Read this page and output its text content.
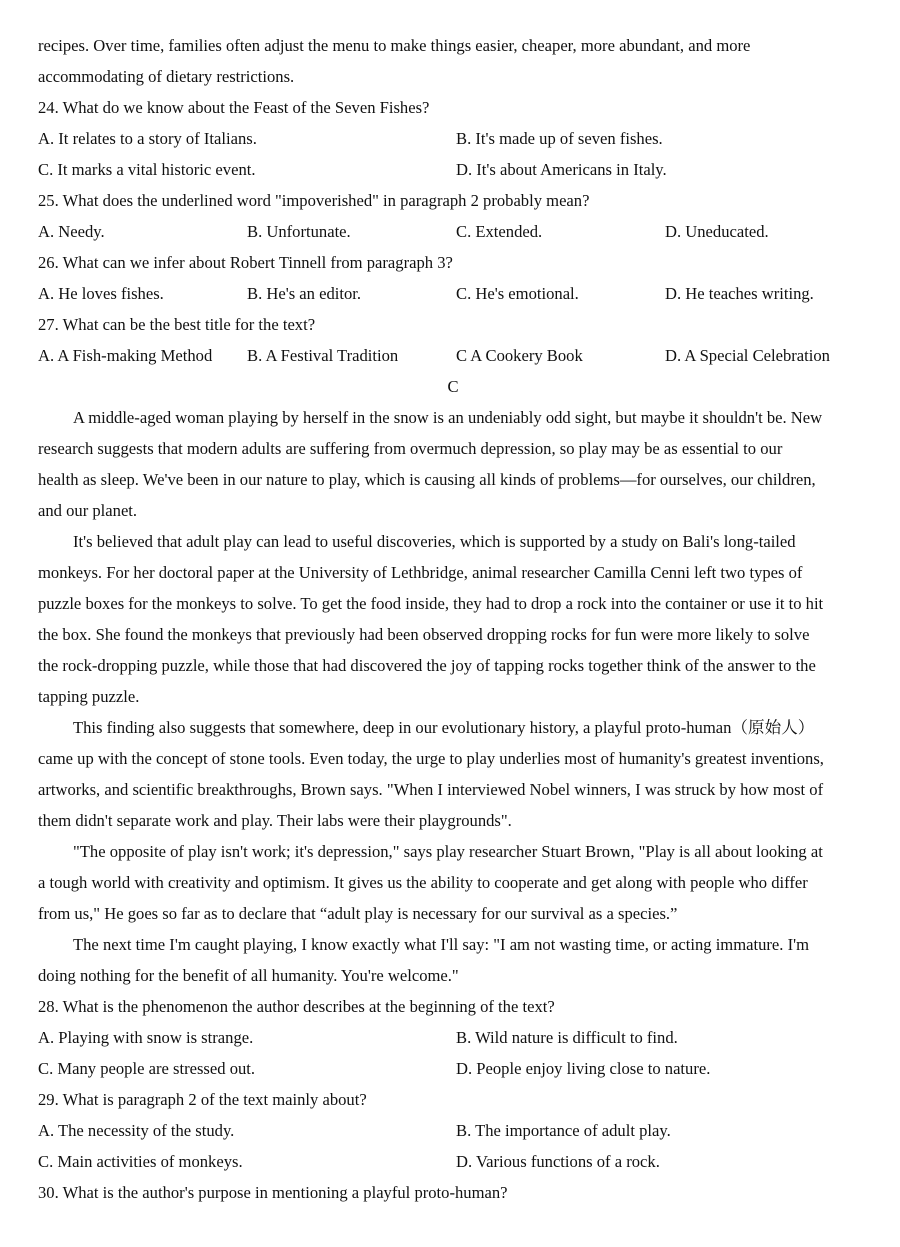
recipes. Over time, families often adjust the menu to make things easier, cheaper, more abundant, and more
accommodating of dietary restrictions.
24. What do we know about the Feast of the Seven Fishes?
A. It relates to a story of Italians.	B. It's made up of seven fishes.
C. It marks a vital historic event.	D. It's about Americans in Italy.
25. What does the underlined word "impoverished" in paragraph 2 probably mean?
A. Needy.	B. Unfortunate.	C. Extended.	D. Uneducated.
26. What can we infer about Robert Tinnell from paragraph 3?
A. He loves fishes.	B. He's an editor.	C. He's emotional.	D. He teaches writing.
27. What can be the best title for the text?
A. A Fish-making Method	B. A Festival Tradition	C A Cookery Book	D. A Special Celebration
C
A middle-aged woman playing by herself in the snow is an undeniably odd sight, but maybe it shouldn't be. New
research suggests that modern adults are suffering from overmuch depression, so play may be as essential to our
health as sleep. We've been in our nature to play, which is causing all kinds of problems—for ourselves, our children,
and our planet.
It's believed that adult play can lead to useful discoveries, which is supported by a study on Bali's long-tailed
monkeys. For her doctoral paper at the University of Lethbridge, animal researcher Camilla Cenni left two types of
puzzle boxes for the monkeys to solve. To get the food inside, they had to drop a rock into the container or use it to hit
the box. She found the monkeys that previously had been observed dropping rocks for fun were more likely to solve
the rock-dropping puzzle, while those that had discovered the joy of tapping rocks together think of the answer to the
tapping puzzle.
This finding also suggests that somewhere, deep in our evolutionary history, a playful proto-human（原始人）
came up with the concept of stone tools. Even today, the urge to play underlies most of humanity's greatest inventions,
artworks, and scientific breakthroughs, Brown says. "When I interviewed Nobel winners, I was struck by how most of
them didn't separate work and play. Their labs were their playgrounds".
"The opposite of play isn't work; it's depression," says play researcher Stuart Brown, "Play is all about looking at
a tough world with creativity and optimism. It gives us the ability to cooperate and get along with people who differ
from us," He goes so far as to declare that “adult play is necessary for our survival as a species.”
The next time I'm caught playing, I know exactly what I'll say: "I am not wasting time, or acting immature. I'm
doing nothing for the benefit of all humanity. You're welcome."
28. What is the phenomenon the author describes at the beginning of the text?
A. Playing with snow is strange.	B. Wild nature is difficult to find.
C. Many people are stressed out.	D. People enjoy living close to nature.
29. What is paragraph 2 of the text mainly about?
A. The necessity of the study.	B. The importance of adult play.
C. Main activities of monkeys.	D. Various functions of a rock.
30. What is the author's purpose in mentioning a playful proto-human?
